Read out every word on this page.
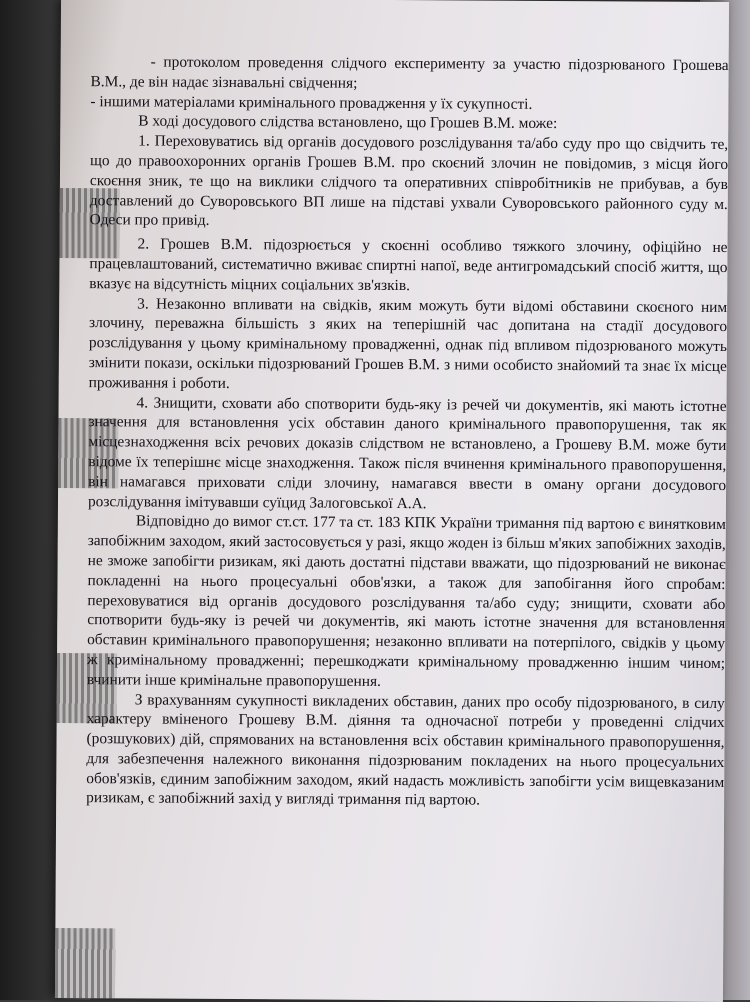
- протоколом проведення слідчого експерименту за участю підозрюваного Грошева В.М., де він надає зізнавальні свідчення;

- іншими матеріалами кримінального провадження у їх сукупності.

В ході досудового слідства встановлено, що Грошев В.М. може:

1. Переховуватись від органів досудового розслідування та/або суду про що свідчить те, що до правоохоронних органів Грошев В.М. про скоєний злочин не повідомив, з місця його скоєння зник, те що на виклики слідчого та оперативних співробітників не прибував, а був доставлений до Суворовського ВП лише на підставі ухвали Суворовського районного суду м. Одеси про привід.

2. Грошев В.М. підозрюється у скоєнні особливо тяжкого злочину, офіційно не працевлаштований, систематично вживає спиртні напої, веде антигромадський спосіб життя, що вказує на відсутність міцних соціальних зв'язків.

3. Незаконно впливати на свідків, яким можуть бути відомі обставини скоєного ним злочину, переважна більшість з яких на теперішній час допитана на стадії досудового розслідування у цьому кримінальному провадженні, однак під впливом підозрюваного можуть змінити покази, оскільки підозрюваний Грошев В.М. з ними особисто знайомий та знає їх місце проживання і роботи.

4. Знищити, сховати або спотворити будь-яку із речей чи документів, які мають істотне значення для встановлення усіх обставин даного кримінального правопорушення, так як місцезнаходження всіх речових доказів слідством не встановлено, а Грошеву В.М. може бути відоме їх теперішнє місце знаходження. Також після вчинення кримінального правопорушення, він намагався приховати сліди злочину, намагався ввести в оману органи досудового розслідування імітувавши суїцид Залоговської А.А.

Відповідно до вимог ст.ст. 177 та ст. 183 КПК України тримання під вартою є винятковим запобіжним заходом, який застосовується у разі, якщо жоден із більш м'яких запобіжних заходів, не зможе запобігти ризикам, які дають достатні підстави вважати, що підозрюваний не виконає покладенні на нього процесуальні обов'язки, а також для запобігання його спробам: переховуватися від органів досудового розслідування та/або суду; знищити, сховати або спотворити будь-яку із речей чи документів, які мають істотне значення для встановлення обставин кримінального правопорушення; незаконно впливати на потерпілого, свідків у цьому ж кримінальному провадженні; перешкоджати кримінальному провадженню іншим чином; вчинити інше кримінальне правопорушення.

З врахуванням сукупності викладених обставин, даних про особу підозрюваного, в силу характеру вміненого Грошеву В.М. діяння та одночасної потреби у проведенні слідчих (розшукових) дій, спрямованих на встановлення всіх обставин кримінального правопорушення, для забезпечення належного виконання підозрюваним покладених на нього процесуальних обов'язків, єдиним запобіжним заходом, який надасть можливість запобігти усім вищевказаним ризикам, є запобіжний захід у вигляді тримання під вартою.
